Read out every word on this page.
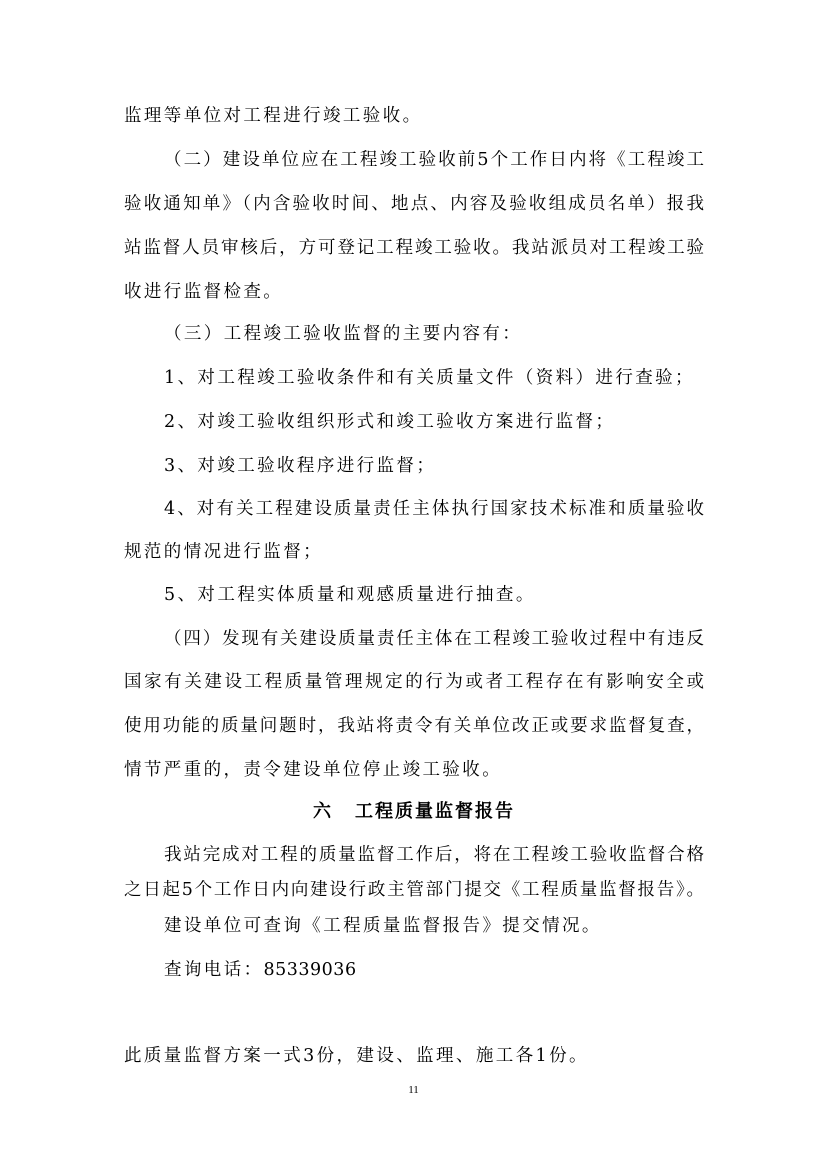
监理等单位对工程进行竣工验收。
（二）建设单位应在工程竣工验收前5个工作日内将《工程竣工
验收通知单》（内含验收时间、地点、内容及验收组成员名单）报我
站监督人员审核后，方可登记工程竣工验收。我站派员对工程竣工验
收进行监督检查。
（三）工程竣工验收监督的主要内容有：
1、对工程竣工验收条件和有关质量文件（资料）进行查验；
2、对竣工验收组织形式和竣工验收方案进行监督；
3、对竣工验收程序进行监督；
4、对有关工程建设质量责任主体执行国家技术标准和质量验收
规范的情况进行监督；
5、对工程实体质量和观感质量进行抽查。
（四）发现有关建设质量责任主体在工程竣工验收过程中有违反
国家有关建设工程质量管理规定的行为或者工程存在有影响安全或
使用功能的质量问题时，我站将责令有关单位改正或要求监督复查，
情节严重的，责令建设单位停止竣工验收。
六 工程质量监督报告
我站完成对工程的质量监督工作后，将在工程竣工验收监督合格
之日起5个工作日内向建设行政主管部门提交《工程质量监督报告》。
建设单位可查询《工程质量监督报告》提交情况。
查询电话：85339036
此质量监督方案一式3份，建设、监理、施工各1份。
11
